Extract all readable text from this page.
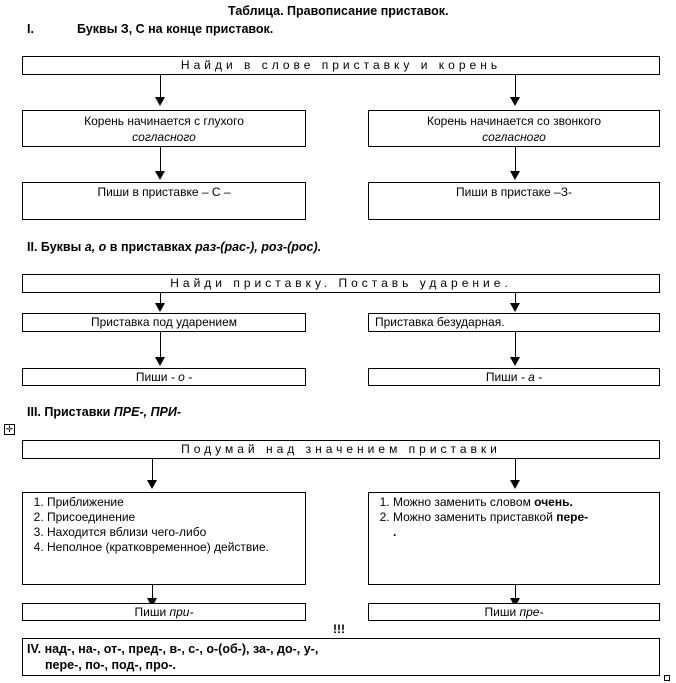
Таблица. Правописание приставок.
I.	Буквы З, С на конце приставок.
Найди в слове приставку и корень
Корень начинается с глухого
согласного
Корень начинается со звонкого
согласного
Пиши в приставке – С –	Пиши в пристаке –З-
II. Буквы а, о в приставках раз-(рас-), роз-(рос).
Найди приставку. Поставь ударение.
Приставка под ударением	Приставка безударная.
Пиши - о -	Пиши - а -
III. Приставки ПРЕ-, ПРИ-
✛
Подумай над значением приставки
1. Приближение
2. Присоединение
3. Находится вблизи чего-либо
4. Неполное (кратковременное) действие.
1. Можно заменить словом очень.
2. Можно заменить приставкой пере-
.
Пиши при-	Пиши пре-
!!!
IV. над-, на-, от-, пред-, в-, с-, о-(об-), за-, до-, у-,
пере-, по-, под-, про-.
